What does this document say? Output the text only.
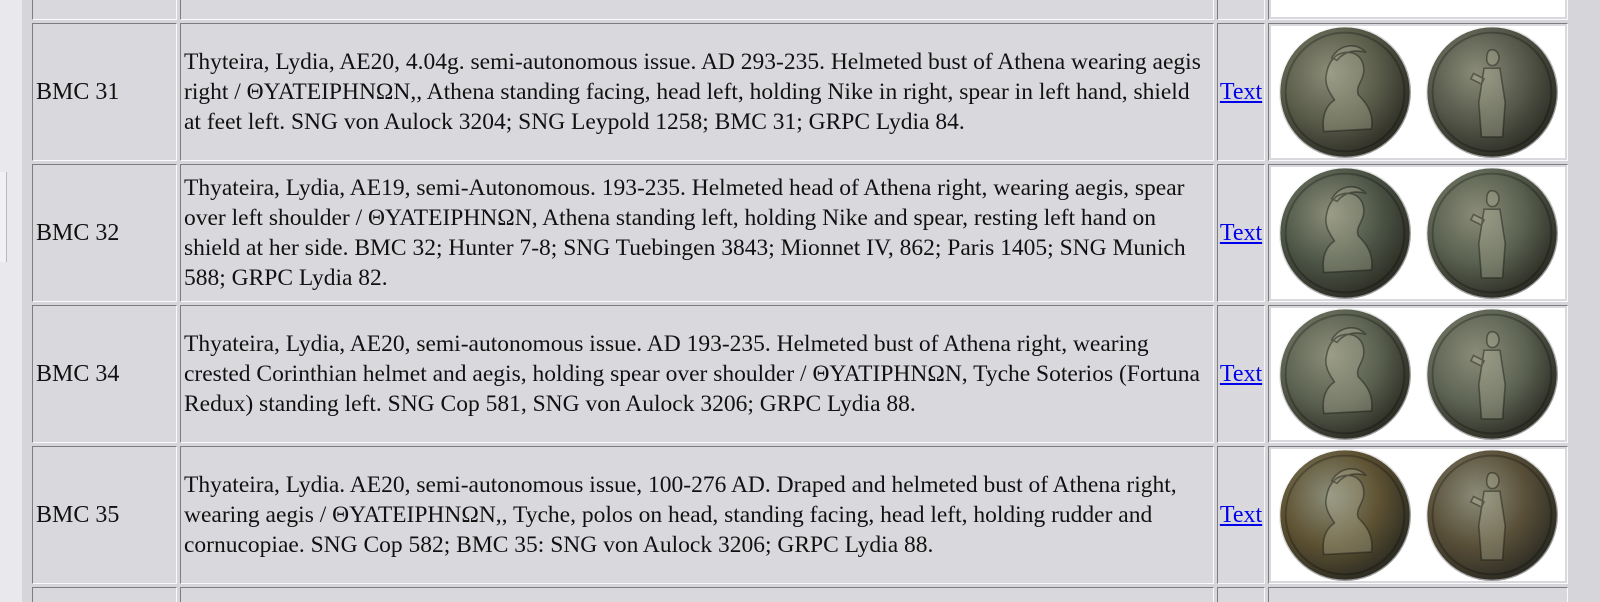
BMC 31	Thyteira, Lydia, AE20, 4.04g. semi-autonomous issue. AD 293-235. Helmeted bust of Athena wearing aegis right / ΘYATEIPHNΩN,, Athena standing facing, head left, holding Nike in right, spear in left hand, shield at feet left. SNG von Aulock 3204; SNG Leypold 1258; BMC 31; GRPC Lydia 84.	Text	

BMC 32	Thyateira, Lydia, AE19, semi-Autonomous. 193-235. Helmeted head of Athena right, wearing aegis, spear over left shoulder / ΘYATEIPHNΩN, Athena standing left, holding Nike and spear, resting left hand on shield at her side. BMC 32; Hunter 7-8; SNG Tuebingen 3843; Mionnet IV, 862; Paris 1405; SNG Munich 588; GRPC Lydia 82.	Text	

BMC 34	Thyateira, Lydia, AE20, semi-autonomous issue. AD 193-235. Helmeted bust of Athena right, wearing crested Corinthian helmet and aegis, holding spear over shoulder / ΘYATIPHNΩN, Tyche Soterios (Fortuna Redux) standing left. SNG Cop 581, SNG von Aulock 3206; GRPC Lydia 88.	Text	

BMC 35	Thyateira, Lydia. AE20, semi-autonomous issue, 100-276 AD. Draped and helmeted bust of Athena right, wearing aegis / ΘYATEIPHNΩN,, Tyche, polos on head, standing facing, head left, holding rudder and cornucopiae. SNG Cop 582; BMC 35: SNG von Aulock 3206; GRPC Lydia 88.	Text	
